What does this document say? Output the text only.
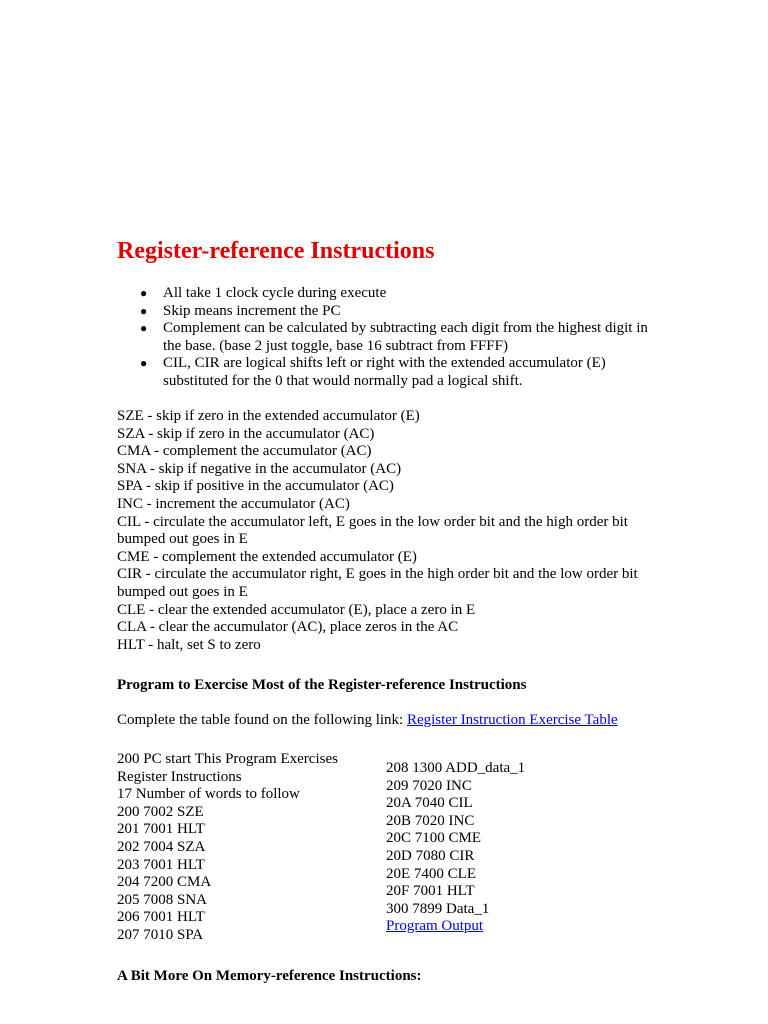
Register-reference Instructions
● All take 1 clock cycle during execute
● Skip means increment the PC
● Complement can be calculated by subtracting each digit from the highest digit in the base. (base 2 just toggle, base 16 subtract from FFFF)
● CIL, CIR are logical shifts left or right with the extended accumulator (E) substituted for the 0 that would normally pad a logical shift.
SZE - skip if zero in the extended accumulator (E)
SZA - skip if zero in the accumulator (AC)
CMA - complement the accumulator (AC)
SNA - skip if negative in the accumulator (AC)
SPA - skip if positive in the accumulator (AC)
INC - increment the accumulator (AC)
CIL - circulate the accumulator left, E goes in the low order bit and the high order bit bumped out goes in E
CME - complement the extended accumulator (E)
CIR - circulate the accumulator right, E goes in the high order bit and the low order bit bumped out goes in E
CLE - clear the extended accumulator (E), place a zero in E
CLA - clear the accumulator (AC), place zeros in the AC
HLT - halt, set S to zero

Program to Exercise Most of the Register-reference Instructions

Complete the table found on the following link: Register Instruction Exercise Table

200 PC start This Program Exercises
Register Instructions
17 Number of words to follow
200 7002 SZE
201 7001 HLT
202 7004 SZA
203 7001 HLT
204 7200 CMA
205 7008 SNA
206 7001 HLT
207 7010 SPA
208 1300 ADD_data_1
209 7020 INC
20A 7040 CIL
20B 7020 INC
20C 7100 CME
20D 7080 CIR
20E 7400 CLE
20F 7001 HLT
300 7899 Data_1
Program Output

A Bit More On Memory-reference Instructions:
